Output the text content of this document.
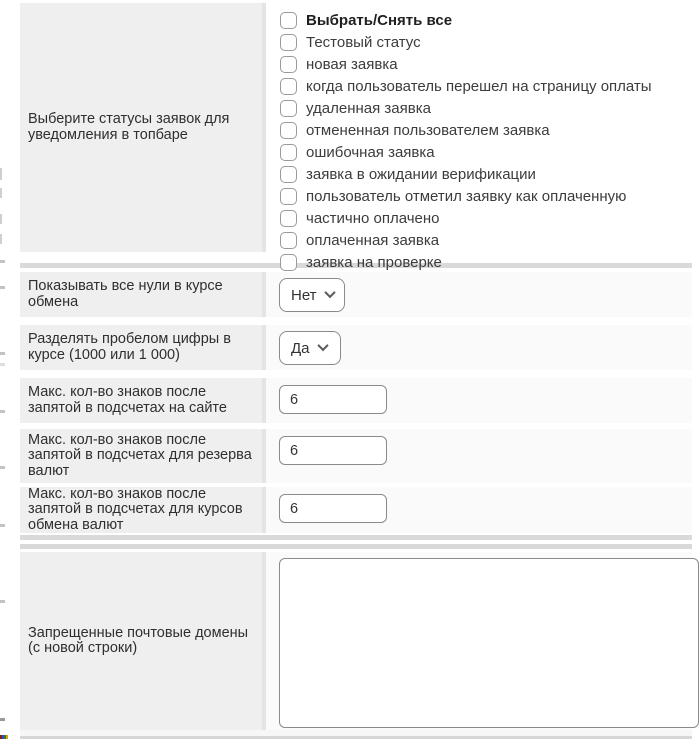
Выберите статусы заявок для уведомления в топбаре
Выбрать/Снять все
Тестовый статус
новая заявка
когда пользователь перешел на страницу оплаты
удаленная заявка
отмененная пользователем заявка
ошибочная заявка
заявка в ожидании верификации
пользователь отметил заявку как оплаченную
частично оплачено
оплаченная заявка
заявка на проверке
Показывать все нули в курсе обмена	Нет
Разделять пробелом цифры в курсе (1000 или 1 000)	Да
Макс. кол-во знаков после запятой в подсчетах на сайте
6
Макс. кол-во знаков после запятой в подсчетах для резерва валют
6
Макс. кол-во знаков после запятой в подсчетах для курсов обмена валют
6
Запрещенные почтовые домены (с новой строки)
